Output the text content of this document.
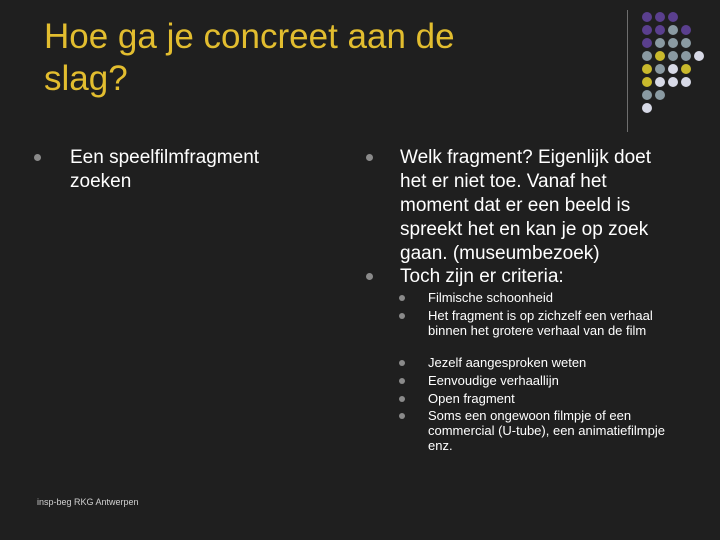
Hoe ga je concreet aan de
slag?

Een speelfilmfragment zoeken

Welk fragment? Eigenlijk doet het er niet toe. Vanaf het moment dat er een beeld is spreekt het en kan je op zoek gaan. (museumbezoek)

Toch zijn er criteria:

Filmische schoonheid

Het fragment is op zichzelf een verhaal binnen het grotere verhaal van de film

Jezelf aangesproken weten

Eenvoudige verhaallijn

Open fragment

Soms een ongewoon filmpje of een commercial (U-tube), een animatiefilmpje enz.

insp-beg RKG Antwerpen
